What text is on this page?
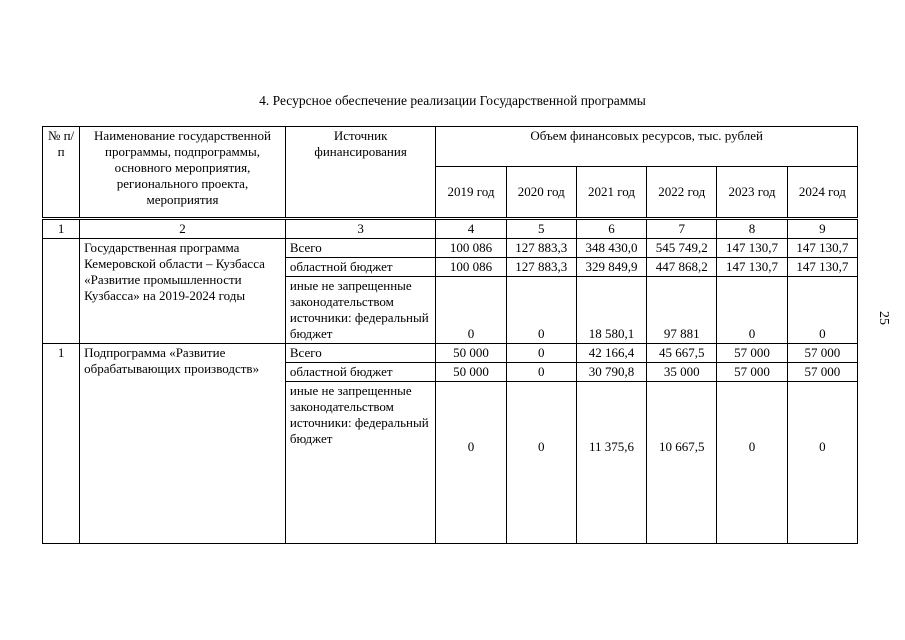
4. Ресурсное обеспечение реализации Государственной программы
25
№ п/п	Наименование государственной программы, подпрограммы, основного мероприятия, регионального проекта, мероприятия	Источник финансирования	Объем финансовых ресурсов, тыс. рублей					
			2019 год	2020 год	2021 год	2022 год	2023 год	2024 год
1	2	3	4	5	6	7	8	9
	Государственная программа Кемеровской области – Кузбасса «Развитие промышленности Кузбасса» на 2019-2024 годы	Всего	100 086	127 883,3	348 430,0	545 749,2	147 130,7	147 130,7
		областной бюджет	100 086	127 883,3	329 849,9	447 868,2	147 130,7	147 130,7
		иные не запрещенные законодательством источники: федеральный бюджет	0	0	18 580,1	97 881	0	0
1	Подпрограмма «Развитие обрабатывающих производств»	Всего	50 000	0	42 166,4	45 667,5	57 000	57 000
		областной бюджет	50 000	0	30 790,8	35 000	57 000	57 000
		иные не запрещенные законодательством источники: федеральный бюджет	0	0	11 375,6	10 667,5	0	0
